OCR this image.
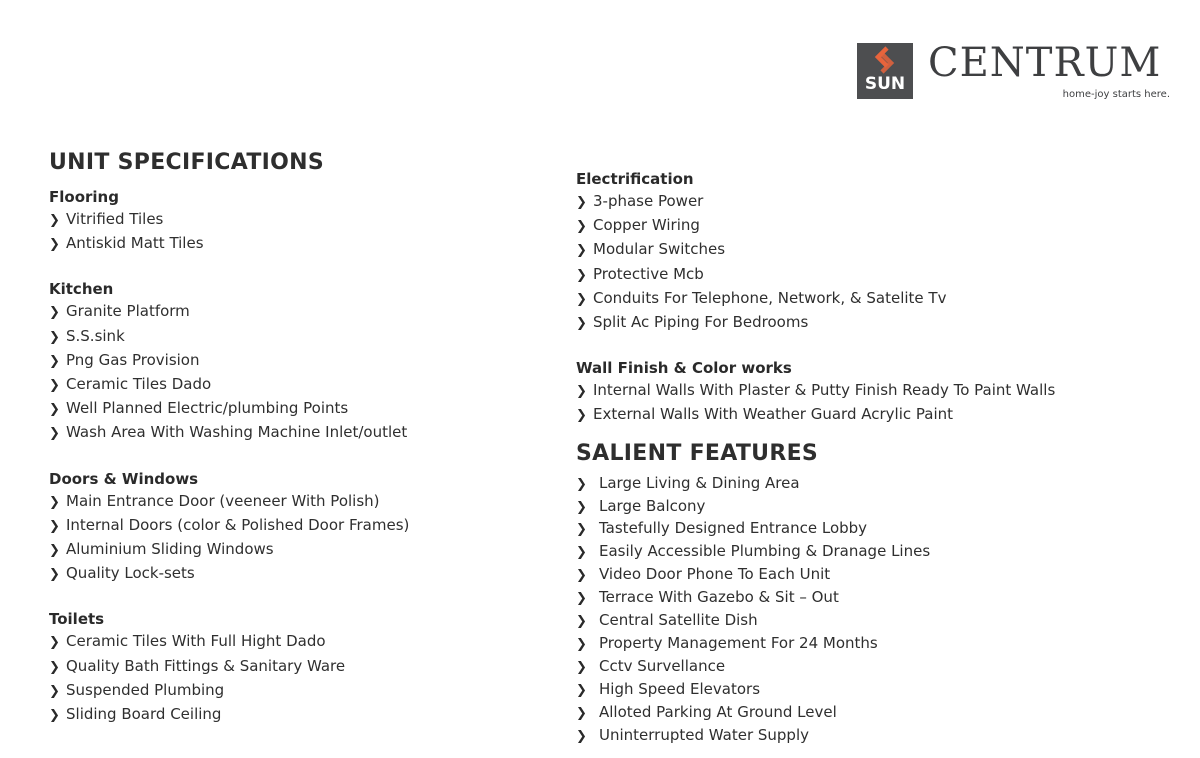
SUN CENTRUM
home-joy starts here.
UNIT SPECIFICATIONS
Flooring
❯ Vitrified Tiles
❯ Antiskid Matt Tiles
Kitchen
❯ Granite Platform
❯ S.S.sink
❯ Png Gas Provision
❯ Ceramic Tiles Dado
❯ Well Planned Electric/plumbing Points
❯ Wash Area With Washing Machine Inlet/outlet
Doors & Windows
❯ Main Entrance Door (veeneer With Polish)
❯ Internal Doors (color & Polished Door Frames)
❯ Aluminium Sliding Windows
❯ Quality Lock-sets
Toilets
❯ Ceramic Tiles With Full Hight Dado
❯ Quality Bath Fittings & Sanitary Ware
❯ Suspended Plumbing
❯ Sliding Board Ceiling
Electrification
❯ 3-phase Power
❯ Copper Wiring
❯ Modular Switches
❯ Protective Mcb
❯ Conduits For Telephone, Network, & Satelite Tv
❯ Split Ac Piping For Bedrooms
Wall Finish & Color works
❯ Internal Walls With Plaster & Putty Finish Ready To Paint Walls
❯ External Walls With Weather Guard Acrylic Paint
SALIENT FEATURES
❯ Large Living & Dining Area
❯ Large Balcony
❯ Tastefully Designed Entrance Lobby
❯ Easily Accessible Plumbing & Dranage Lines
❯ Video Door Phone To Each Unit
❯ Terrace With Gazebo & Sit – Out
❯ Central Satellite Dish
❯ Property Management For 24 Months
❯ Cctv Survellance
❯ High Speed Elevators
❯ Alloted Parking At Ground Level
❯ Uninterrupted Water Supply
